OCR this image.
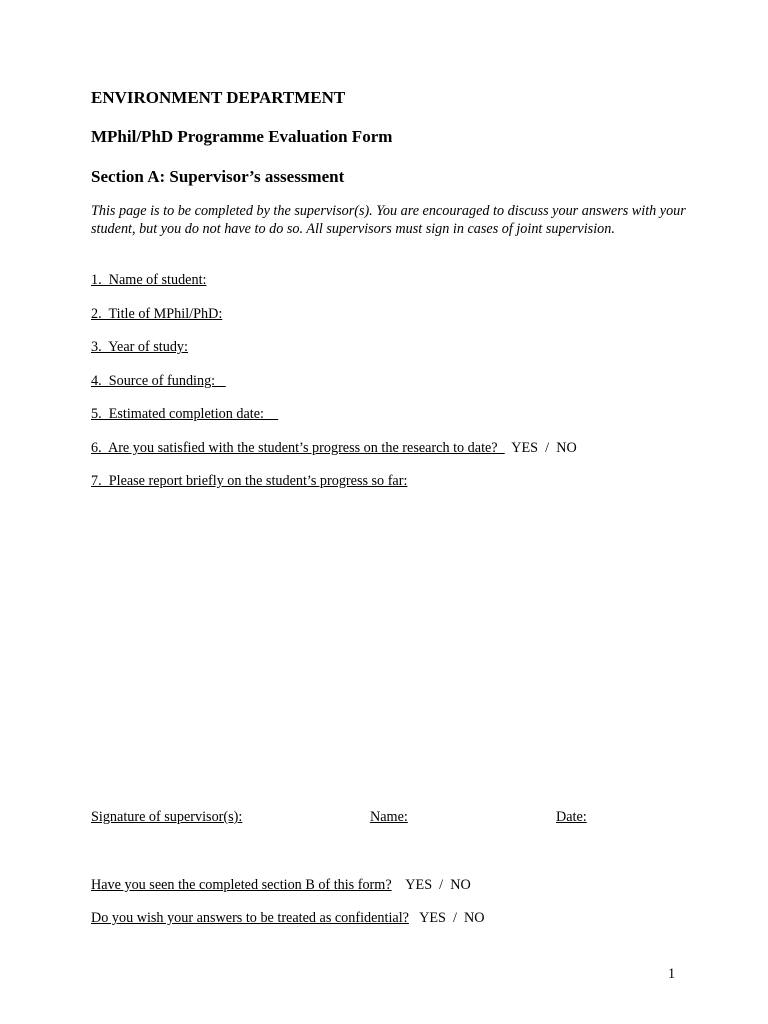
ENVIRONMENT DEPARTMENT
MPhil/PhD Programme Evaluation Form
Section A: Supervisor’s assessment
This page is to be completed by the supervisor(s). You are encouraged to discuss your answers with your student, but you do not have to do so. All supervisors must sign in cases of joint supervision.
1.  Name of student:
2.  Title of MPhil/PhD:
3.  Year of study:
4.  Source of funding:
5.  Estimated completion date:
6.  Are you satisfied with the student’s progress on the research to date?    YES  /  NO
7.  Please report briefly on the student’s progress so far:
Signature of supervisor(s):	Name:	Date:
Have you seen the completed section B of this form?    YES  /  NO
Do you wish your answers to be treated as confidential?   YES  /  NO
1
